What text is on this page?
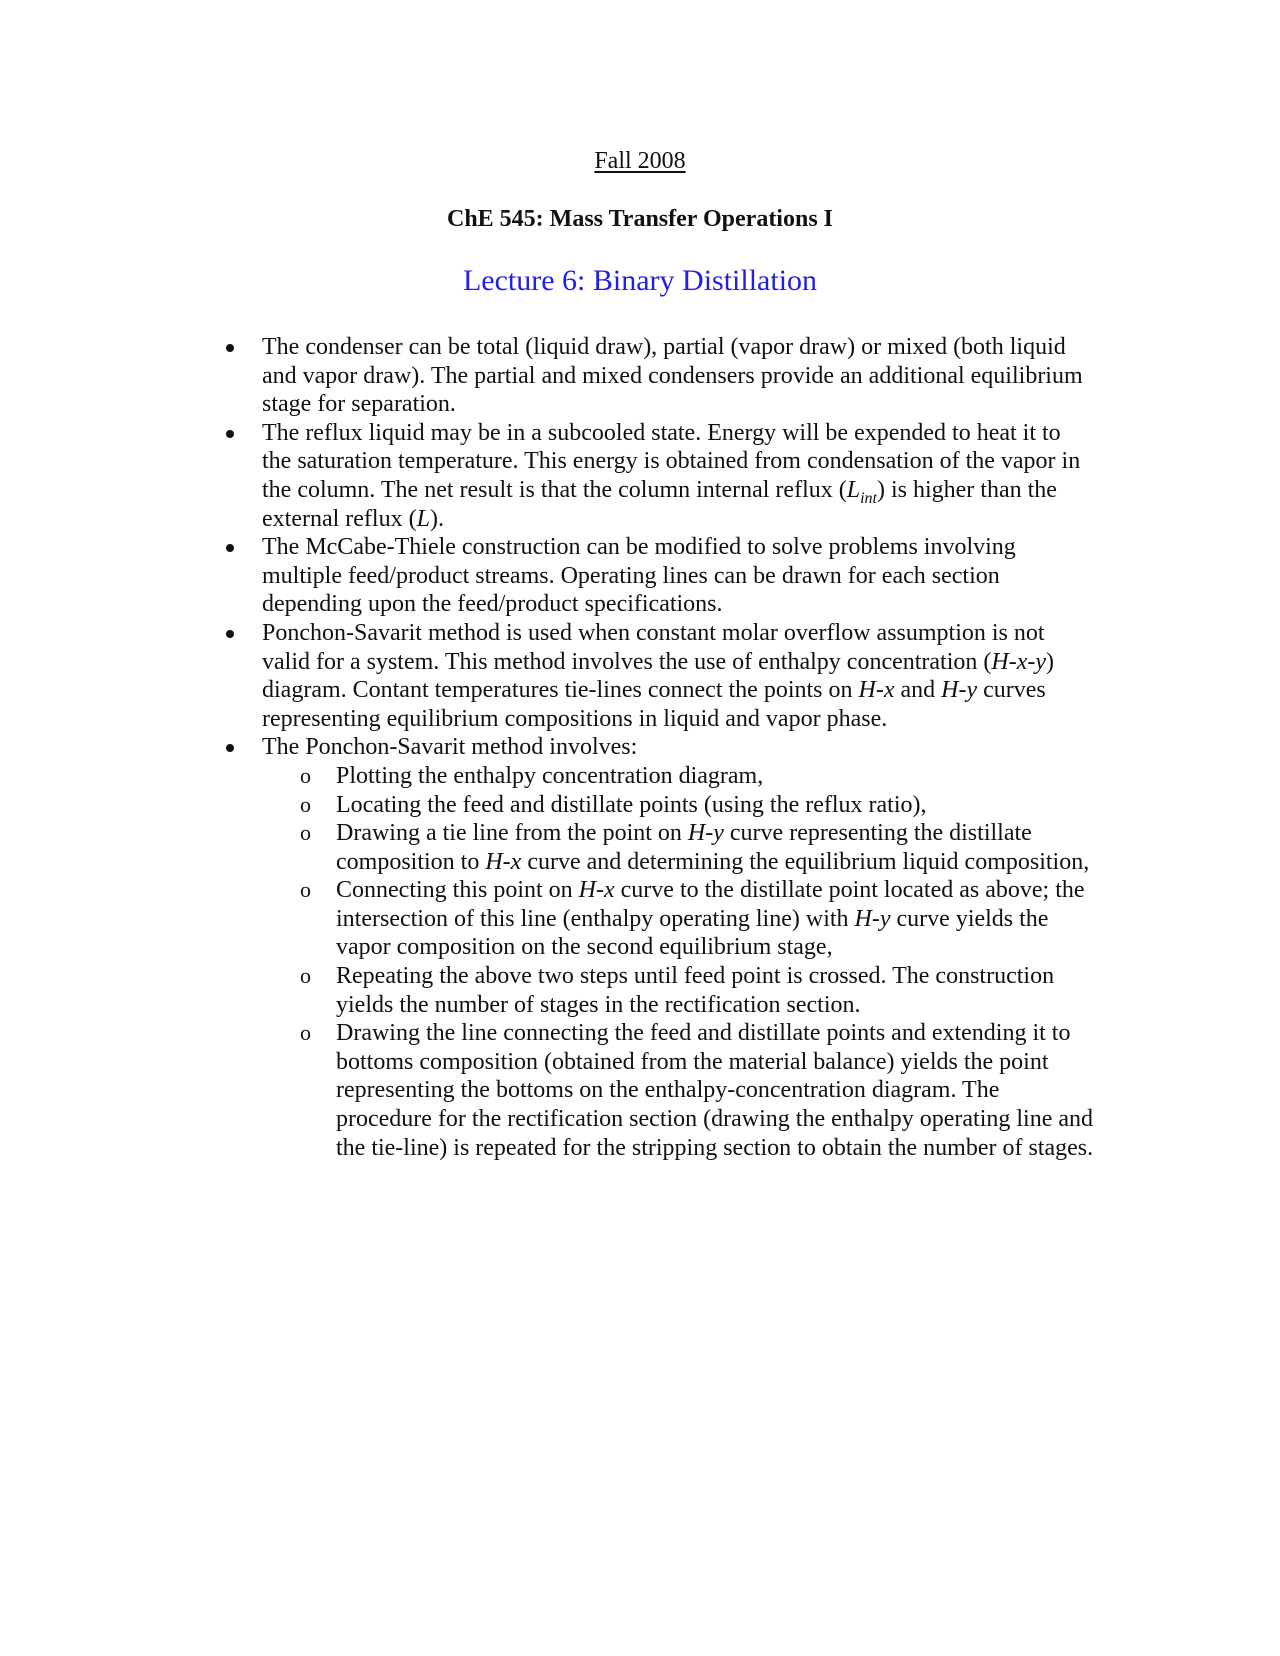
Fall 2008
ChE 545: Mass Transfer Operations I
Lecture 6: Binary Distillation
The condenser can be total (liquid draw), partial (vapor draw) or mixed (both liquid and vapor draw). The partial and mixed condensers provide an additional equilibrium stage for separation.
The reflux liquid may be in a subcooled state. Energy will be expended to heat it to the saturation temperature. This energy is obtained from condensation of the vapor in the column. The net result is that the column internal reflux $(L_{int})$ is higher than the external reflux (L).
The McCabe-Thiele construction can be modified to solve problems involving multiple feed/product streams. Operating lines can be drawn for each section depending upon the feed/product specifications.
Ponchon-Savarit method is used when constant molar overflow assumption is not valid for a system. This method involves the use of enthalpy concentration (H-x-y) diagram. Contant temperatures tie-lines connect the points on H-x and H-y curves representing equilibrium compositions in liquid and vapor phase.
The Ponchon-Savarit method involves:
o Plotting the enthalpy concentration diagram,
o Locating the feed and distillate points (using the reflux ratio),
o Drawing a tie line from the point on H-y curve representing the distillate composition to H-x curve and determining the equilibrium liquid composition,
o Connecting this point on H-x curve to the distillate point located as above; the intersection of this line (enthalpy operating line) with H-y curve yields the vapor composition on the second equilibrium stage,
o Repeating the above two steps until feed point is crossed. The construction yields the number of stages in the rectification section.
o Drawing the line connecting the feed and distillate points and extending it to bottoms composition (obtained from the material balance) yields the point representing the bottoms on the enthalpy-concentration diagram. The procedure for the rectification section (drawing the enthalpy operating line and the tie-line) is repeated for the stripping section to obtain the number of stages.
